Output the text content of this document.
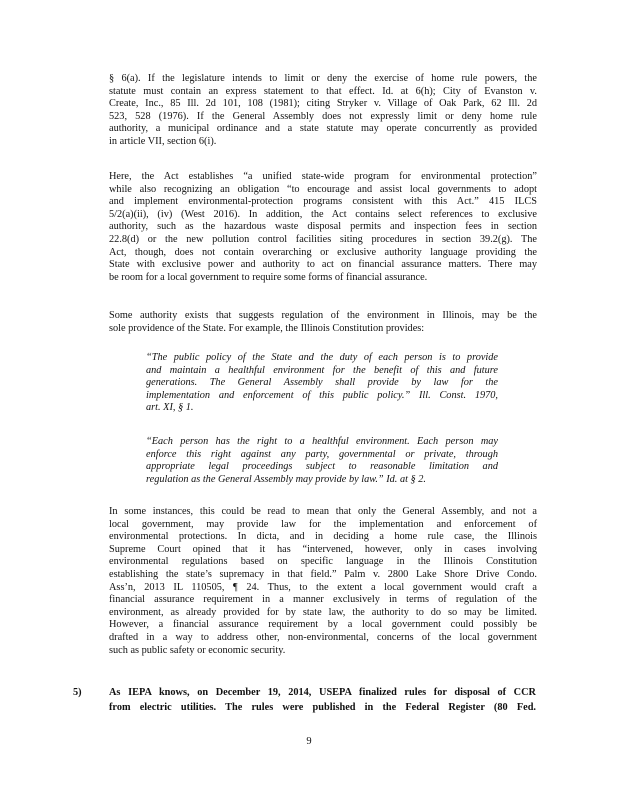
§ 6(a). If the legislature intends to limit or deny the exercise of home rule powers, the
statute must contain an express statement to that effect. Id. at 6(h); City of Evanston v.
Create, Inc., 85 Ill. 2d 101, 108 (1981); citing Stryker v. Village of Oak Park, 62 Ill. 2d
523, 528 (1976). If the General Assembly does not expressly limit or deny home rule
authority, a municipal ordinance and a state statute may operate concurrently as provided
in article VII, section 6(i).
Here, the Act establishes “a unified state-wide program for environmental protection”
while also recognizing an obligation “to encourage and assist local governments to adopt
and implement environmental-protection programs consistent with this Act.” 415 ILCS
5/2(a)(ii), (iv) (West 2016). In addition, the Act contains select references to exclusive
authority, such as the hazardous waste disposal permits and inspection fees in section
22.8(d) or the new pollution control facilities siting procedures in section 39.2(g). The
Act, though, does not contain overarching or exclusive authority language providing the
State with exclusive power and authority to act on financial assurance matters. There may
be room for a local government to require some forms of financial assurance.
Some authority exists that suggests regulation of the environment in Illinois, may be the
sole providence of the State. For example, the Illinois Constitution provides:
“The public policy of the State and the duty of each person is to provide
and maintain a healthful environment for the benefit of this and future
generations. The General Assembly shall provide by law for the
implementation and enforcement of this public policy.” Ill. Const. 1970,
art. XI, § 1.
“Each person has the right to a healthful environment. Each person may
enforce this right against any party, governmental or private, through
appropriate legal proceedings subject to reasonable limitation and
regulation as the General Assembly may provide by law.” Id. at § 2.
In some instances, this could be read to mean that only the General Assembly, and not a
local government, may provide law for the implementation and enforcement of
environmental protections. In dicta, and in deciding a home rule case, the Illinois
Supreme Court opined that it has “intervened, however, only in cases involving
environmental regulations based on specific language in the Illinois Constitution
establishing the state’s supremacy in that field.” Palm v. 2800 Lake Shore Drive Condo.
Ass’n, 2013 IL 110505, ¶ 24. Thus, to the extent a local government would craft a
financial assurance requirement in a manner exclusively in terms of regulation of the
environment, as already provided for by state law, the authority to do so may be limited.
However, a financial assurance requirement by a local government could possibly be
drafted in a way to address other, non-environmental, concerns of the local government
such as public safety or economic security.
5)	As IEPA knows, on December 19, 2014, USEPA finalized rules for disposal of CCR
from electric utilities. The rules were published in the Federal Register (80 Fed.
9
